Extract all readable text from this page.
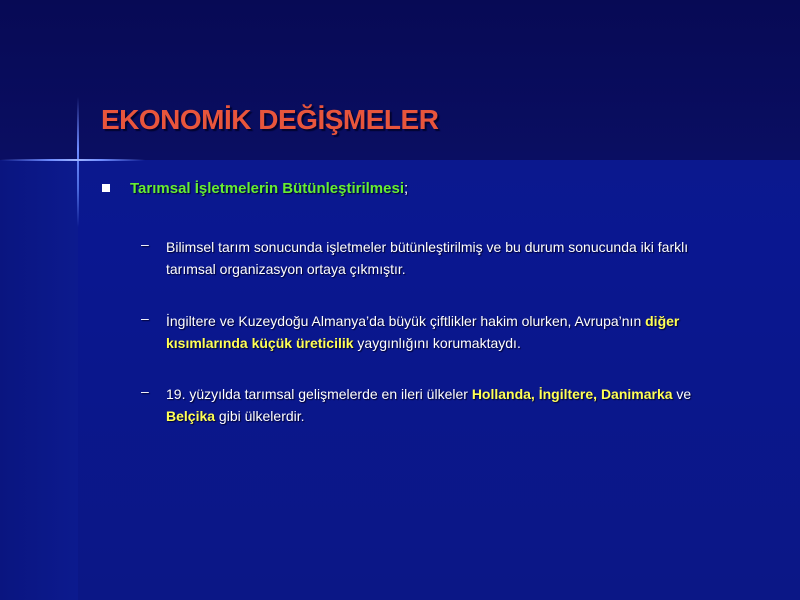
EKONOMİK DEĞİŞMELER
Tarımsal İşletmelerin Bütünleştirilmesi;
– Bilimsel tarım sonucunda işletmeler bütünleştirilmiş ve bu durum sonucunda iki farklı
tarımsal organizasyon ortaya çıkmıştır.
– İngiltere ve Kuzeydoğu Almanya’da büyük çiftlikler hakim olurken, Avrupa’nın diğer
kısımlarında küçük üreticilik yaygınlığını korumaktaydı.
– 19. yüzyılda tarımsal gelişmelerde en ileri ülkeler Hollanda, İngiltere, Danimarka ve
Belçika gibi ülkelerdir.
